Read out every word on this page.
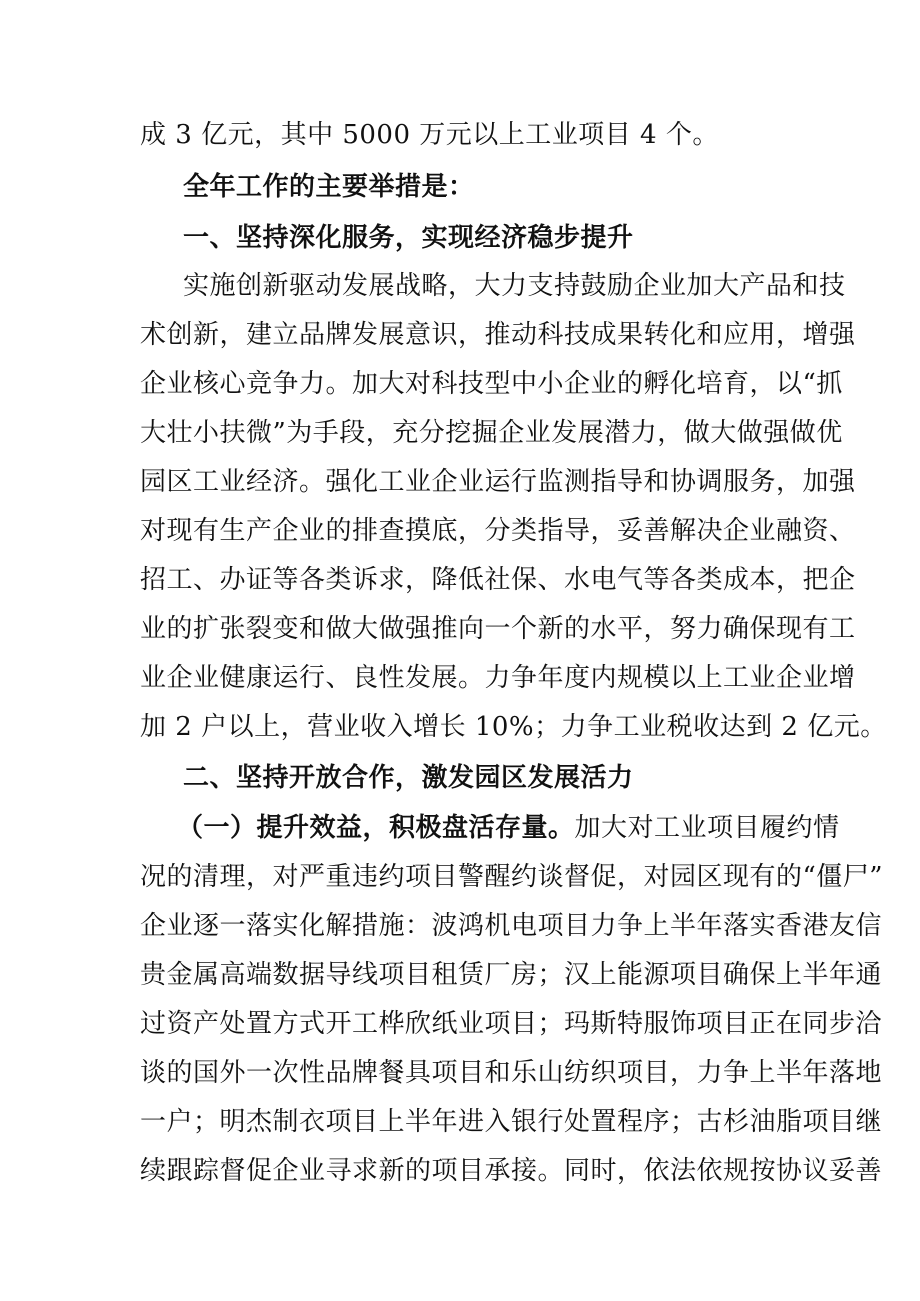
成 3 亿元，其中 5000 万元以上工业项目 4 个。
全年工作的主要举措是：
一、坚持深化服务，实现经济稳步提升
实施创新驱动发展战略，大力支持鼓励企业加大产品和技
术创新，建立品牌发展意识，推动科技成果转化和应用，增强
企业核心竞争力。加大对科技型中小企业的孵化培育，以“抓
大壮小扶微”为手段，充分挖掘企业发展潜力，做大做强做优
园区工业经济。强化工业企业运行监测指导和协调服务，加强
对现有生产企业的排查摸底，分类指导，妥善解决企业融资、
招工、办证等各类诉求，降低社保、水电气等各类成本，把企
业的扩张裂变和做大做强推向一个新的水平，努力确保现有工
业企业健康运行、良性发展。力争年度内规模以上工业企业增
加 2 户以上，营业收入增长 10%；力争工业税收达到 2 亿元。
二、坚持开放合作，激发园区发展活力
（一）提升效益，积极盘活存量。加大对工业项目履约情
况的清理，对严重违约项目警醒约谈督促，对园区现有的“僵尸”
企业逐一落实化解措施：波鸿机电项目力争上半年落实香港友信
贵金属高端数据导线项目租赁厂房；汉上能源项目确保上半年通
过资产处置方式开工桦欣纸业项目；玛斯特服饰项目正在同步洽
谈的国外一次性品牌餐具项目和乐山纺织项目，力争上半年落地
一户；明杰制衣项目上半年进入银行处置程序；古杉油脂项目继
续跟踪督促企业寻求新的项目承接。同时，依法依规按协议妥善
